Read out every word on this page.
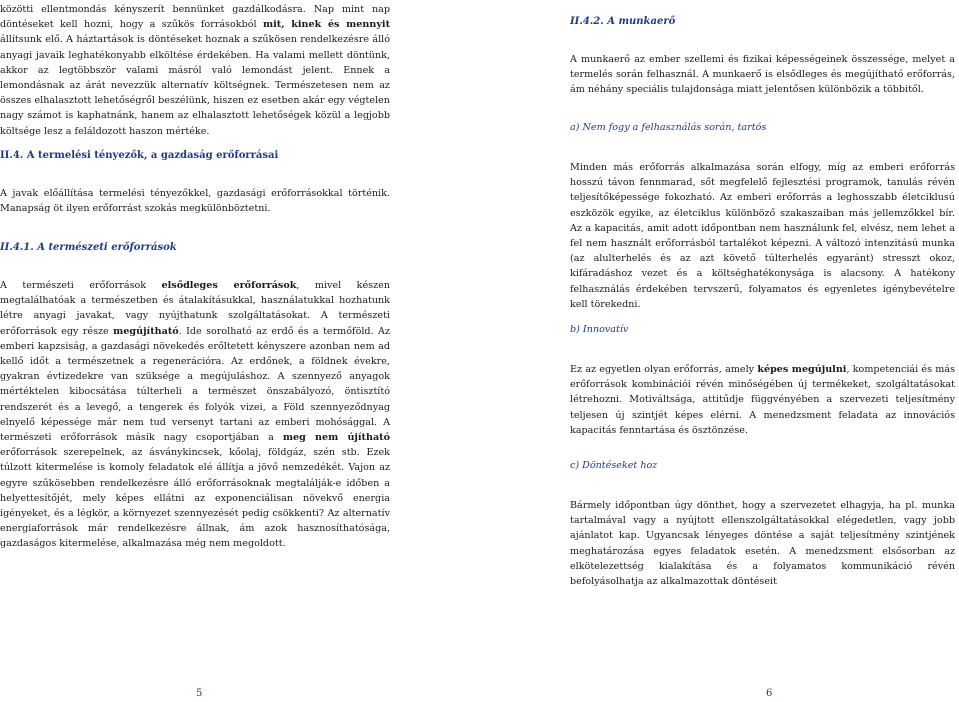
közötti ellentmondás kényszerít bennünket gazdálkodásra. Nap mint nap döntéseket kell hozni, hogy a szűkös forrásokból mit, kinek és mennyit állítsunk elő. A háztartások is döntéseket hoznak a szűkösen rendelkezésre álló anyagi javaik leghatékonyabb elköltése érdekében. Ha valami mellett döntünk, akkor az legtöbbször valami másról való lemondást jelent. Ennek a lemondásnak az árát nevezzük alternatív költségnek. Természetesen nem az összes elhalasztott lehetőségről beszélünk, hiszen ez esetben akár egy végtelen nagy számot is kaphatnánk, hanem az elhalasztott lehetőségek közül a legjobb költsége lesz a feláldozott haszon mértéke.

II.4. A termelési tényezők, a gazdaság erőforrásai

A javak előállítása termelési tényezőkkel, gazdasági erőforrásokkal történik. Manapság öt ilyen erőforrást szokás megkülönböztetni.

II.4.1. A természeti erőforrások

A természeti erőforrások elsődleges erőforrások, mivel készen megtalálhatóak a természetben és átalakításukkal, használatukkal hozhatunk létre anyagi javakat, vagy nyújthatunk szolgáltatásokat. A természeti erőforrások egy része megújítható. Ide sorolható az erdő és a termőföld. Az emberi kapzsiság, a gazdasági növekedés erőltetett kényszere azonban nem ad kellő időt a természetnek a regenerációra. Az erdőnek, a földnek évekre, gyakran évtizedekre van szüksége a megújuláshoz. A szennyező anyagok mértéktelen kibocsátása túlterheli a természet önszabályozó, öntisztító rendszerét és a levegő, a tengerek és folyók vizei, a Föld szennyeződnyag elnyelő képessége már nem tud versenyt tartani az emberi mohósággal. A természeti erőforrások másik nagy csoportjában a meg nem újítható erőforrások szerepelnek, az ásványkincsek, kőolaj, földgáz, szén stb. Ezek túlzott kitermelése is komoly feladatok elé állítja a jövő nemzedékét. Vajon az egyre szűkösebben rendelkezésre álló erőforrásoknak megtalálják-e időben a helyettesítőjét, mely képes ellátni az exponenciálisan növekvő energia igényeket, és a légkör, a környezet szennyezését pedig csökkenti? Az alternatív energiaforrások már rendelkezésre állnak, ám azok hasznosíthatósága, gazdaságos kitermelése, alkalmazása még nem megoldott.

5

II.4.2. A munkaerő

A munkaerő az ember szellemi és fizikai képességeinek összessége, melyet a termelés során felhasznál. A munkaerő is elsődleges és megújítható erőforrás, ám néhány speciális tulajdonsága miatt jelentősen különbözik a többitől.

a) Nem fogy a felhasználás során, tartós

Minden más erőforrás alkalmazása során elfogy, míg az emberi erőforrás hosszú távon fennmarad, sőt megfelelő fejlesztési programok, tanulás révén teljesítőképessége fokozható. Az emberi erőforrás a leghosszabb életciklusú eszközök egyike, az életciklus különböző szakaszaiban más jellemzőkkel bír. Az a kapacitás, amit adott időpontban nem használunk fel, elvész, nem lehet a fel nem használt erőforrásból tartalékot képezni. A változó intenzitású munka (az alulterhelés és az azt követő túlterhelés egyaránt) stresszt okoz, kifáradáshoz vezet és a költséghatékonysága is alacsony. A hatékony felhasználás érdekében tervszerű, folyamatos és egyenletes igénybevételre kell törekedni.

b) Innovatív

Ez az egyetlen olyan erőforrás, amely képes megújulni, kompetenciái és más erőforrások kombinációi révén minőségében új termékeket, szolgáltatásokat létrehozni. Motiváltsága, attitűdje függvényében a szervezeti teljesítmény teljesen új szintjét képes elérni. A menedzsment feladata az innovációs kapacitás fenntartása és ösztönzése.

c) Döntéseket hoz

Bármely időpontban úgy dönthet, hogy a szervezetet elhagyja, ha pl. munka tartalmával vagy a nyújtott ellenszolgáltatásokkal elégedetlen, vagy jobb ajánlatot kap. Ugyancsak lényeges döntése a saját teljesítmény szintjének meghatározása egyes feladatok esetén. A menedzsment elsősorban az elkötelezettség kialakítása és a folyamatos kommunikáció révén befolyásolhatja az alkalmazottak döntéseit

6
